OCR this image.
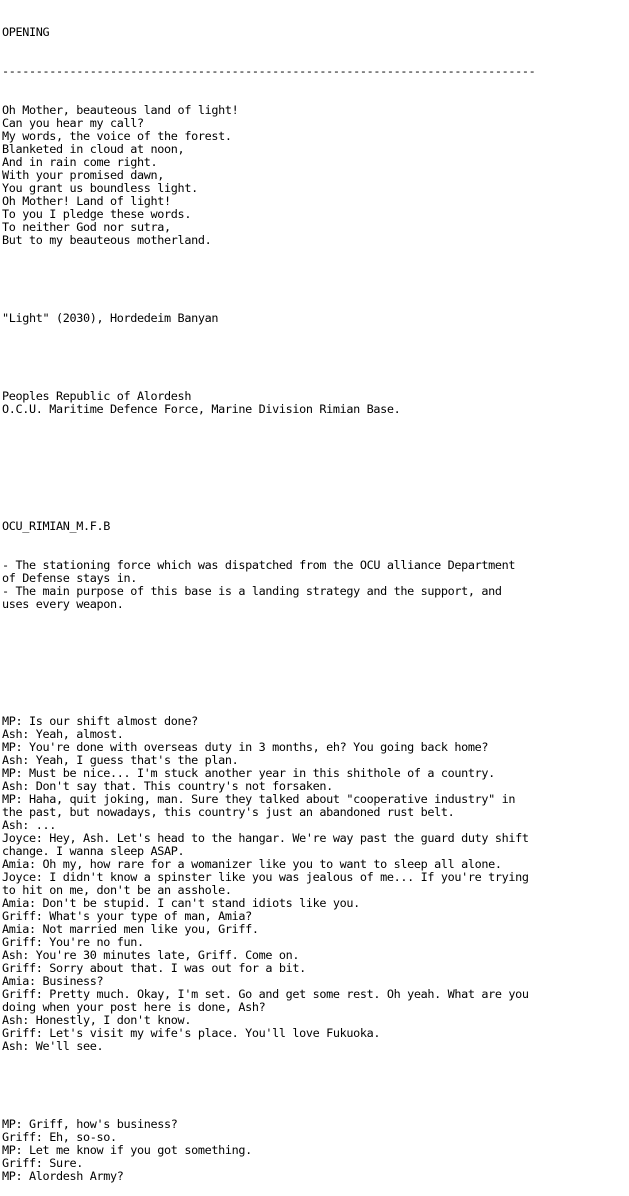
OPENING

-------------------------------------------------------------------------------

Oh Mother, beauteous land of light!
Can you hear my call?
My words, the voice of the forest.
Blanketed in cloud at noon,
And in rain come right.
With your promised dawn,
You grant us boundless light.
Oh Mother! Land of light!
To you I pledge these words.
To neither God nor sutra,
But to my beauteous motherland.

"Light" (2030), Hordedeim Banyan

Peoples Republic of Alordesh
O.C.U. Maritime Defence Force, Marine Division Rimian Base.

OCU_RIMIAN_M.F.B

- The stationing force which was dispatched from the OCU alliance Department
of Defense stays in.
- The main purpose of this base is a landing strategy and the support, and
uses every weapon.

MP: Is our shift almost done?
Ash: Yeah, almost.
MP: You're done with overseas duty in 3 months, eh? You going back home?
Ash: Yeah, I guess that's the plan.
MP: Must be nice... I'm stuck another year in this shithole of a country.
Ash: Don't say that. This country's not forsaken.
MP: Haha, quit joking, man. Sure they talked about "cooperative industry" in
the past, but nowadays, this country's just an abandoned rust belt.
Ash: ...
Joyce: Hey, Ash. Let's head to the hangar. We're way past the guard duty shift
change. I wanna sleep ASAP.
Amia: Oh my, how rare for a womanizer like you to want to sleep all alone.
Joyce: I didn't know a spinster like you was jealous of me... If you're trying
to hit on me, don't be an asshole.
Amia: Don't be stupid. I can't stand idiots like you.
Griff: What's your type of man, Amia?
Amia: Not married men like you, Griff.
Griff: You're no fun.
Ash: You're 30 minutes late, Griff. Come on.
Griff: Sorry about that. I was out for a bit.
Amia: Business?
Griff: Pretty much. Okay, I'm set. Go and get some rest. Oh yeah. What are you
doing when your post here is done, Ash?
Ash: Honestly, I don't know.
Griff: Let's visit my wife's place. You'll love Fukuoka.
Ash: We'll see.

MP: Griff, how's business?
Griff: Eh, so-so.
MP: Let me know if you got something.
Griff: Sure.
MP: Alordesh Army?
